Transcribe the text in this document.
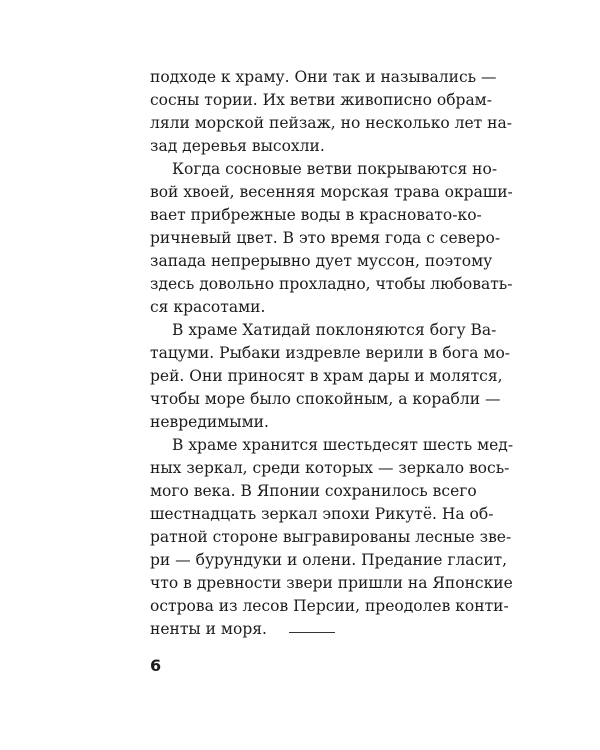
подходе к храму. Они так и назывались —
сосны тории. Их ветви живописно обрам-
ляли морской пейзаж, но несколько лет на-
зад деревья высохли.
Когда сосновые ветви покрываются но-
вой хвоей, весенняя морская трава окраши-
вает прибрежные воды в красновато-ко-
ричневый цвет. В это время года с северо-
запада непрерывно дует муссон, поэтому
здесь довольно прохладно, чтобы любовать-
ся красотами.
В храме Хатидай поклоняются богу Ва-
тацуми. Рыбаки издревле верили в бога мо-
рей. Они приносят в храм дары и молятся,
чтобы море было спокойным, а корабли —
невредимыми.
В храме хранится шестьдесят шесть мед-
ных зеркал, среди которых — зеркало вось-
мого века. В Японии сохранилось всего
шестнадцать зеркал эпохи Рикутё. На об-
ратной стороне выгравированы лесные зве-
ри — бурундуки и олени. Предание гласит,
что в древности звери пришли на Японские
острова из лесов Персии, преодолев конти-
ненты и моря.
6
